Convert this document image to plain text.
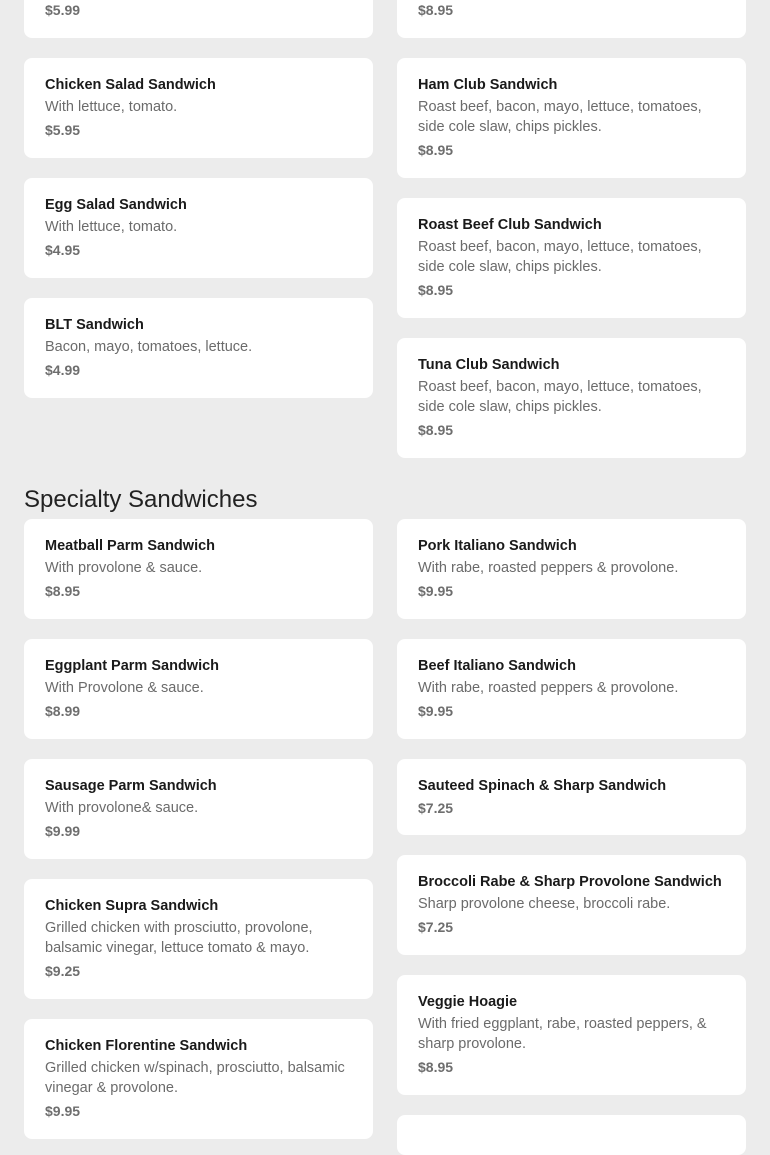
$5.99	$8.95
Chicken Salad Sandwich
With lettuce, tomato.
$5.95
Egg Salad Sandwich
With lettuce, tomato.
$4.95
BLT Sandwich
Bacon, mayo, tomatoes, lettuce.
$4.99
Ham Club Sandwich
Roast beef, bacon, mayo, lettuce, tomatoes, side cole slaw, chips pickles.
$8.95
Roast Beef Club Sandwich
Roast beef, bacon, mayo, lettuce, tomatoes, side cole slaw, chips pickles.
$8.95
Tuna Club Sandwich
Roast beef, bacon, mayo, lettuce, tomatoes, side cole slaw, chips pickles.
$8.95
Specialty Sandwiches
Meatball Parm Sandwich
With provolone & sauce.
$8.95
Eggplant Parm Sandwich
With Provolone & sauce.
$8.99
Sausage Parm Sandwich
With provolone& sauce.
$9.99
Chicken Supra Sandwich
Grilled chicken with prosciutto, provolone, balsamic vinegar, lettuce tomato & mayo.
$9.25
Chicken Florentine Sandwich
Grilled chicken w/spinach, prosciutto, balsamic vinegar & provolone.
$9.95
Pork Italiano Sandwich
With rabe, roasted peppers & provolone.
$9.95
Beef Italiano Sandwich
With rabe, roasted peppers & provolone.
$9.95
Sauteed Spinach & Sharp Sandwich
$7.25
Broccoli Rabe & Sharp Provolone Sandwich
Sharp provolone cheese, broccoli rabe.
$7.25
Veggie Hoagie
With fried eggplant, rabe, roasted peppers, & sharp provolone.
$8.95
